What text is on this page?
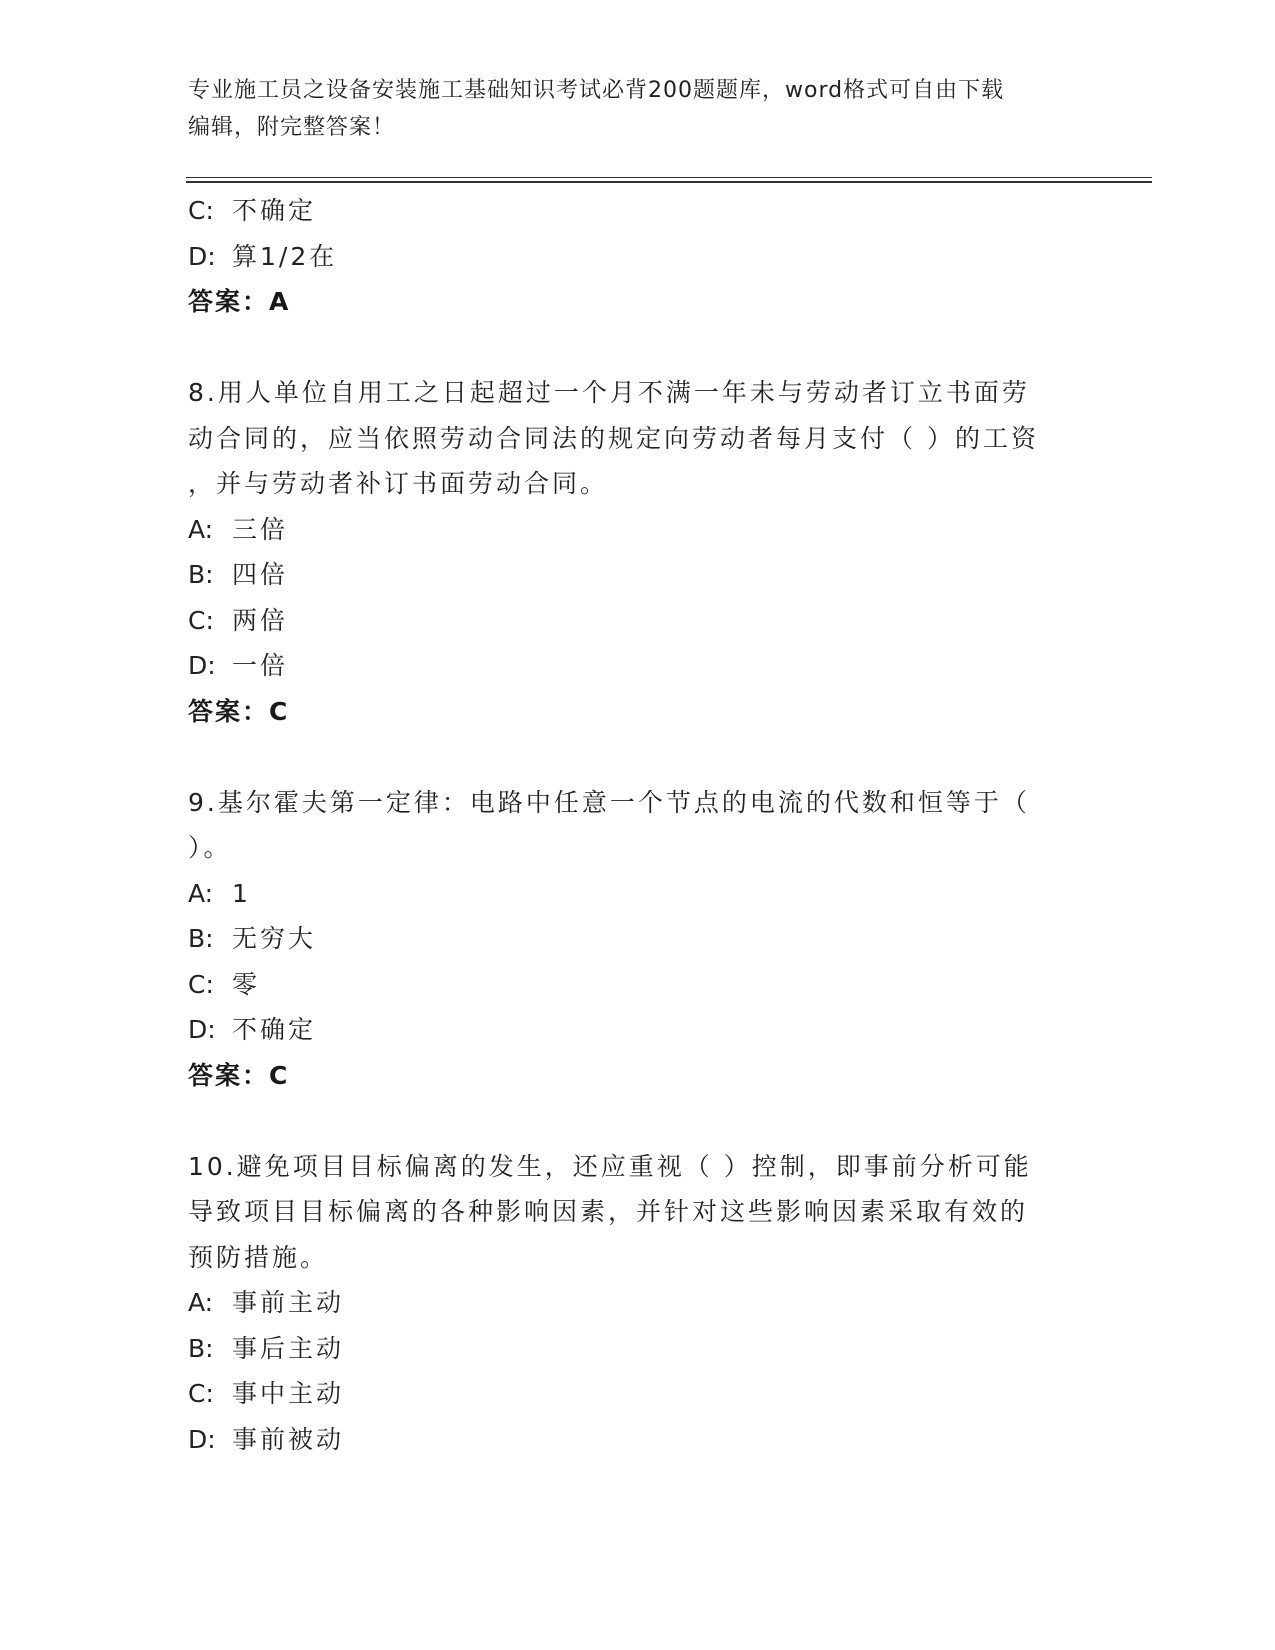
专业施工员之设备安装施工基础知识考试必背200题题库，word格式可自由下载
编辑，附完整答案！
C: 不确定
D: 算1/2在
答案：A
8.用人单位自用工之日起超过一个月不满一年未与劳动者订立书面劳
动合同的，应当依照劳动合同法的规定向劳动者每月支付（ ）的工资
，并与劳动者补订书面劳动合同。
A: 三倍
B: 四倍
C: 两倍
D: 一倍
答案：C
9.基尔霍夫第一定律：电路中任意一个节点的电流的代数和恒等于（
）。
A: 1
B: 无穷大
C: 零
D: 不确定
答案：C
10.避免项目目标偏离的发生，还应重视（ ）控制，即事前分析可能
导致项目目标偏离的各种影响因素，并针对这些影响因素采取有效的
预防措施。
A: 事前主动
B: 事后主动
C: 事中主动
D: 事前被动
